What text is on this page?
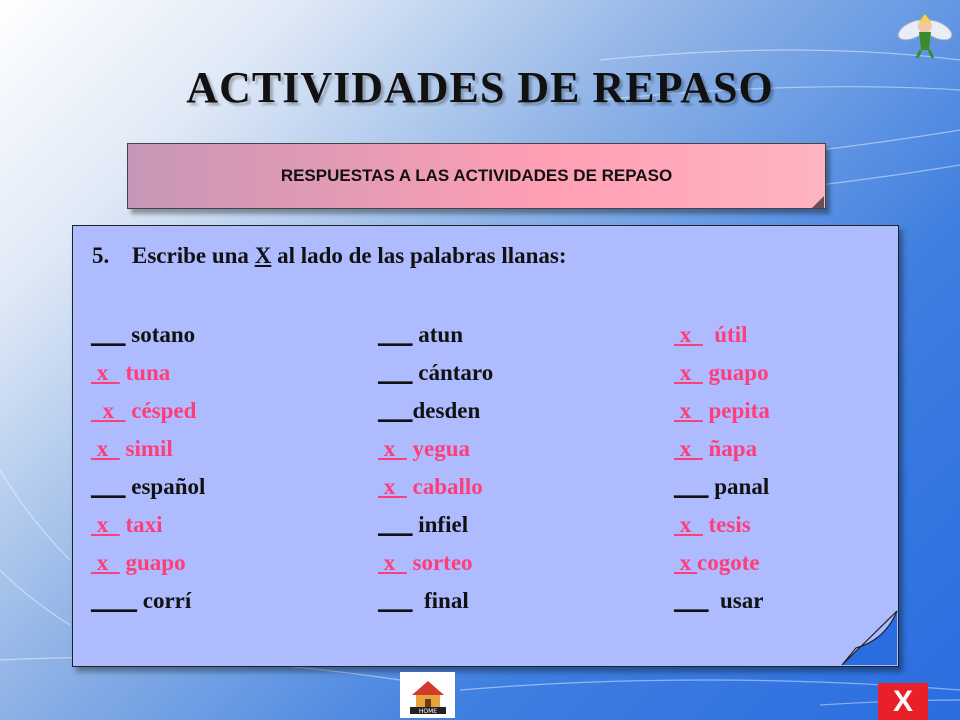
ACTIVIDADES DE REPASO
RESPUESTAS A LAS ACTIVIDADES DE REPASO
5. Escribe una X al lado de las palabras llanas:
___ sotano
x   tuna
x   césped
x   simil
___ español
x   taxi
x   guapo
____ corrí
___ atun
___ cántaro
___desden
x   yegua
x   caballo
___ infiel
x   sorteo
___ final
x    útil
x   guapo
x   pepita
x   ñapa
___ panal
x   tesis
x cogote
___ usar
HOME	X
